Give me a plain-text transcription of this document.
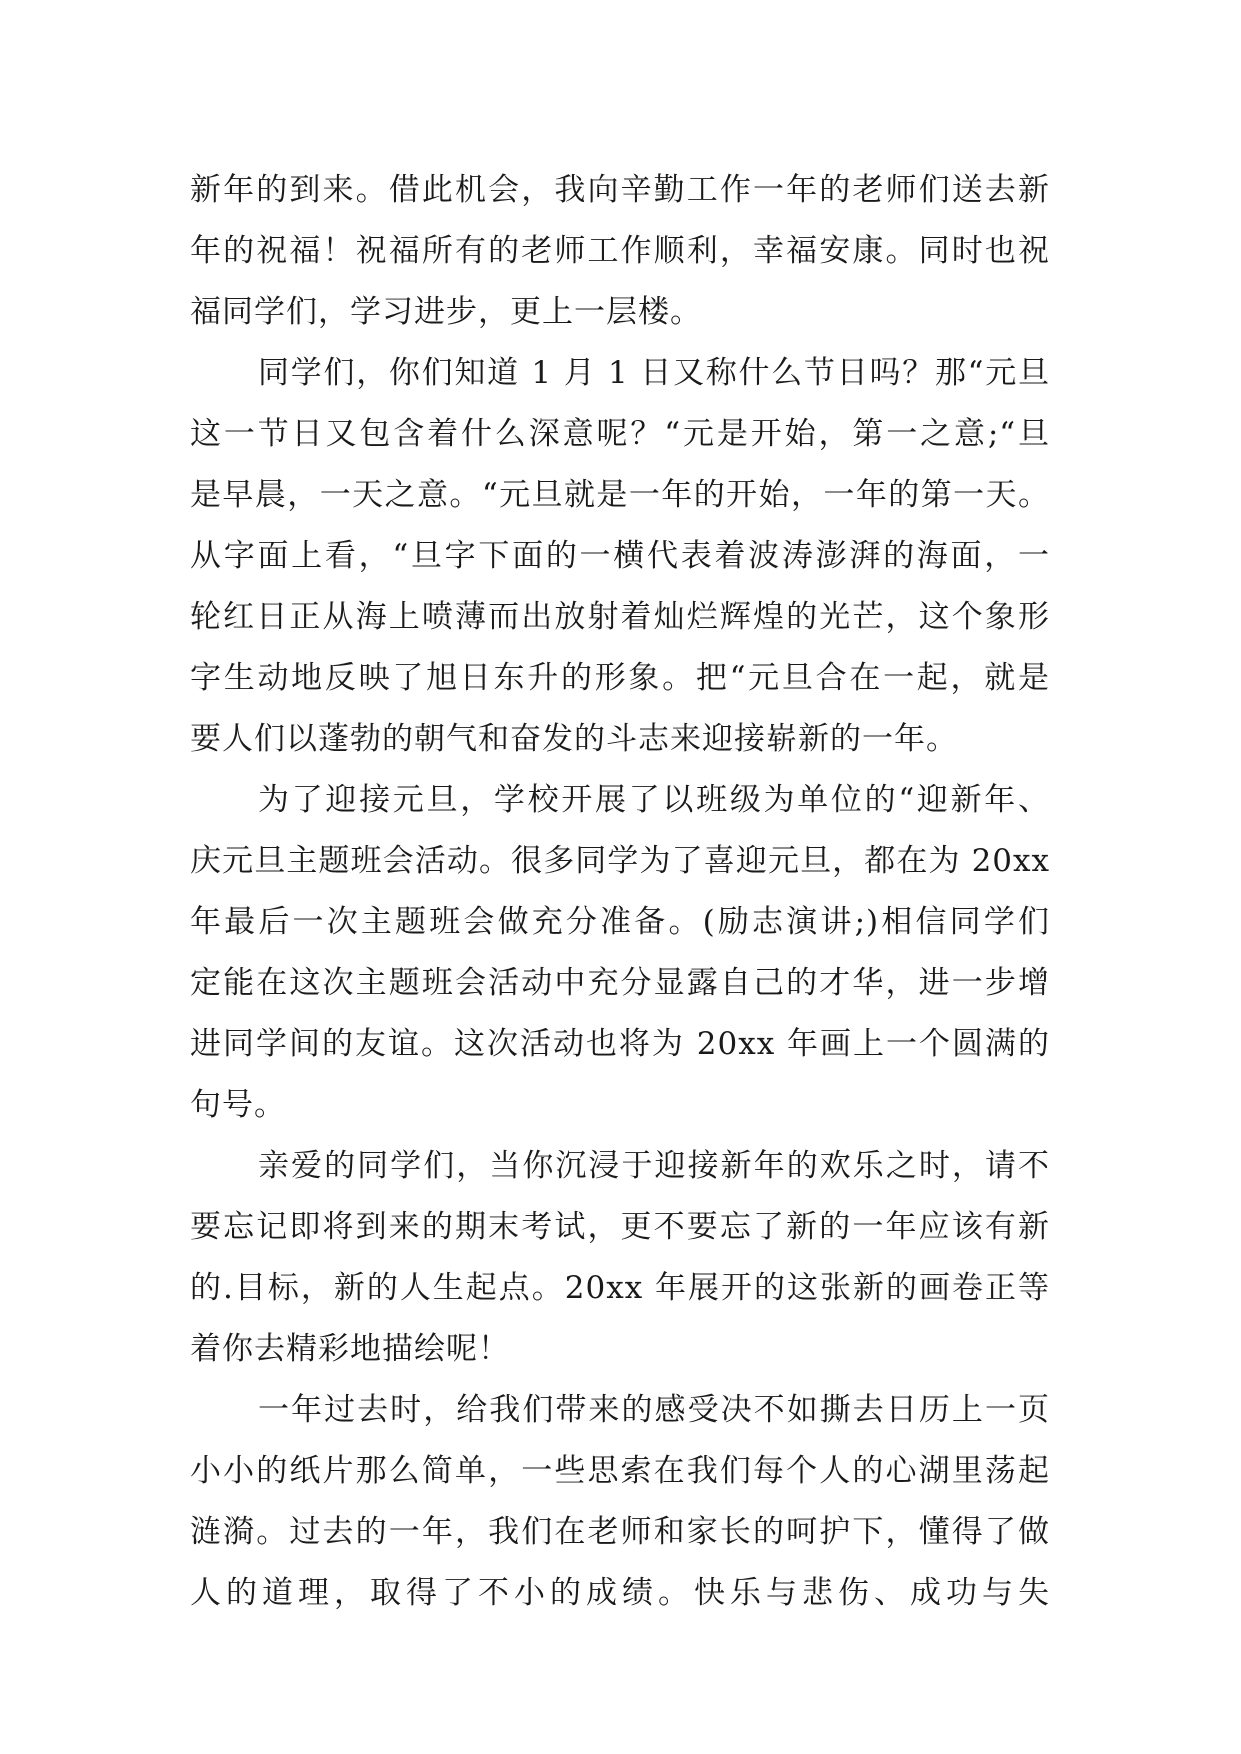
新年的到来。借此机会，我向辛勤工作一年的老师们送去新
年的祝福！祝福所有的老师工作顺利，幸福安康。同时也祝
福同学们，学习进步，更上一层楼。
同学们，你们知道 1 月 1 日又称什么节日吗？那“元旦
这一节日又包含着什么深意呢？“元是开始，第一之意;“旦
是早晨，一天之意。“元旦就是一年的开始，一年的第一天。
从字面上看，“旦字下面的一横代表着波涛澎湃的海面，一
轮红日正从海上喷薄而出放射着灿烂辉煌的光芒，这个象形
字生动地反映了旭日东升的形象。把“元旦合在一起，就是
要人们以蓬勃的朝气和奋发的斗志来迎接崭新的一年。
为了迎接元旦，学校开展了以班级为单位的“迎新年、
庆元旦主题班会活动。很多同学为了喜迎元旦，都在为 20xx
年最后一次主题班会做充分准备。(励志演讲;)相信同学们
定能在这次主题班会活动中充分显露自己的才华，进一步增
进同学间的友谊。这次活动也将为 20xx 年画上一个圆满的
句号。
亲爱的同学们，当你沉浸于迎接新年的欢乐之时，请不
要忘记即将到来的期末考试，更不要忘了新的一年应该有新
的.目标，新的人生起点。20xx 年展开的这张新的画卷正等
着你去精彩地描绘呢！
一年过去时，给我们带来的感受决不如撕去日历上一页
小小的纸片那么简单，一些思索在我们每个人的心湖里荡起
涟漪。过去的一年，我们在老师和家长的呵护下，懂得了做
人的道理，取得了不小的成绩。快乐与悲伤、成功与失
